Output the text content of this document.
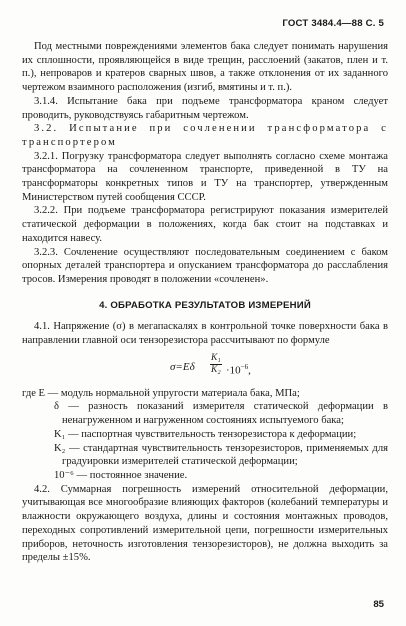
ГОСТ 3484.4—88 С. 5

Под местными повреждениями элементов бака следует понимать нарушения их сплошности, проявляющейся в виде трещин, расслоений (закатов, плен и т. п.), непроваров и кратеров сварных швов, а также отклонения от их заданного чертежом взаимного расположения (изгиб, вмятины и т. п.).

3.1.4. Испытание бака при подъеме трансформатора краном следует проводить, руководствуясь габаритным чертежом.

3.2. Испытание при сочленении трансформатора с транспортером

3.2.1. Погрузку трансформатора следует выполнять согласно схеме монтажа трансформатора на сочлененном транспорте, приведенной в ТУ на трансформаторы конкретных типов и ТУ на транспортер, утвержденным Министерством путей сообщения СССР.

3.2.2. При подъеме трансформатора регистрируют показания измерителей статической деформации в положениях, когда бак стоит на подставках и находится навесу.

3.2.3. Сочленение осуществляют последовательным соединением с баком опорных деталей транспортера и опусканием трансформатора до расслабления тросов. Измерения проводят в положении «сочленен».

4. ОБРАБОТКА РЕЗУЛЬТАТОВ ИЗМЕРЕНИЙ

4.1. Напряжение (σ) в мегапаскалях в контрольной точке поверхности бака в направлении главной оси тензорезистора рассчитывают по формуле

$\sigma=E\delta \frac{\text{K₁}}{\text{K₂}} \cdot 10^{-6}$,

где E — модуль нормальной упругости материала бака, МПа;

δ — разность показаний измерителя статической деформации в ненагруженном и нагруженном состояниях испытуемого бака;

K₁ — паспортная чувствительность тензорезистора к деформации;

K₂ — стандартная чувствительность тензорезисторов, применяемых для градуировки измерителей статической деформации;

10⁻⁶ — постоянное значение.

4.2. Суммарная погрешность измерений относительной деформации, учитывающая все многообразие влияющих факторов (колебаний температуры и влажности окружающего воздуха, длины и состояния монтажных проводов, переходных сопротивлений измерительной цепи, погрешности измерительных приборов, неточность изготовления тензорезисторов), не должна выходить за пределы ±15%.

85
